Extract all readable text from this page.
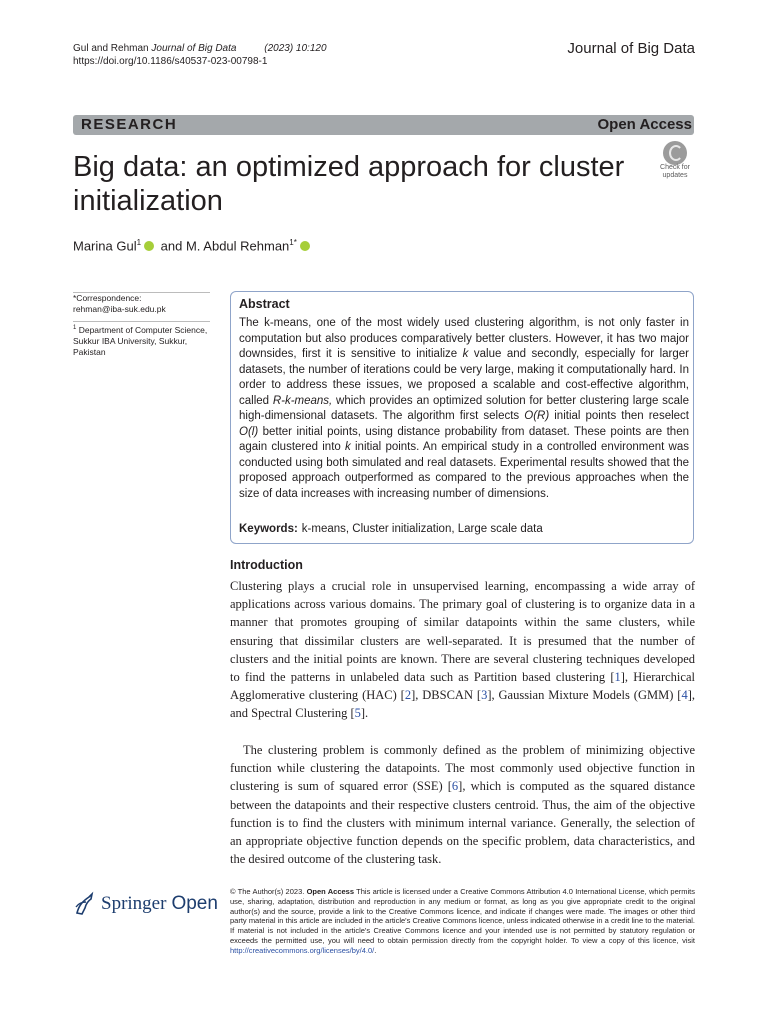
Gul and Rehman Journal of Big Data	(2023) 10:120
https://doi.org/10.1186/s40537-023-00798-1
Journal of Big Data
RESEARCH	Open Access
Big data: an optimized approach for cluster initialization
Check for
updates
Marina Gul$^1$ and M. Abdul Rehman$^{1*}$
*Correspondence:
rehman@iba-suk.edu.pk
$^1$ Department of Computer Science, Sukkur IBA University, Sukkur, Pakistan
Abstract
The k-means, one of the most widely used clustering algorithm, is not only faster in computation but also produces comparatively better clusters. However, it has two major downsides, first it is sensitive to initialize k value and secondly, especially for larger datasets, the number of iterations could be very large, making it computationally hard. In order to address these issues, we proposed a scalable and cost-effective algorithm, called R-k-means, which provides an optimized solution for better clustering large scale high-dimensional datasets. The algorithm first selects O(R) initial points then reselect O(l) better initial points, using distance probability from dataset. These points are then again clustered into k initial points. An empirical study in a controlled environment was conducted using both simulated and real datasets. Experimental results showed that the proposed approach outperformed as compared to the previous approaches when the size of data increases with increasing number of dimensions.
Keywords: k-means, Cluster initialization, Large scale data
Introduction
Clustering plays a crucial role in unsupervised learning, encompassing a wide array of applications across various domains. The primary goal of clustering is to organize data in a manner that promotes grouping of similar datapoints within the same clusters, while ensuring that dissimilar clusters are well-separated. It is presumed that the number of clusters and the initial points are known. There are several clustering techniques developed to find the patterns in unlabeled data such as Partition based clustering [1], Hierarchical Agglomerative clustering (HAC) [2], DBSCAN [3], Gaussian Mixture Models (GMM) [4], and Spectral Clustering [5].
The clustering problem is commonly defined as the problem of minimizing objective function while clustering the datapoints. The most commonly used objective function in clustering is sum of squared error (SSE) [6], which is computed as the squared distance between the datapoints and their respective clusters centroid. Thus, the aim of the objective function is to find the clusters with minimum internal variance. Generally, the selection of an appropriate objective function depends on the specific problem, data characteristics, and the desired outcome of the clustering task.
Springer Open
© The Author(s) 2023. Open Access This article is licensed under a Creative Commons Attribution 4.0 International License, which permits use, sharing, adaptation, distribution and reproduction in any medium or format, as long as you give appropriate credit to the original author(s) and the source, provide a link to the Creative Commons licence, and indicate if changes were made. The images or other third party material in this article are included in the article's Creative Commons licence, unless indicated otherwise in a credit line to the material. If material is not included in the article's Creative Commons licence and your intended use is not permitted by statutory regulation or exceeds the permitted use, you will need to obtain permission directly from the copyright holder. To view a copy of this licence, visit http://creativecommons.org/licenses/by/4.0/.
